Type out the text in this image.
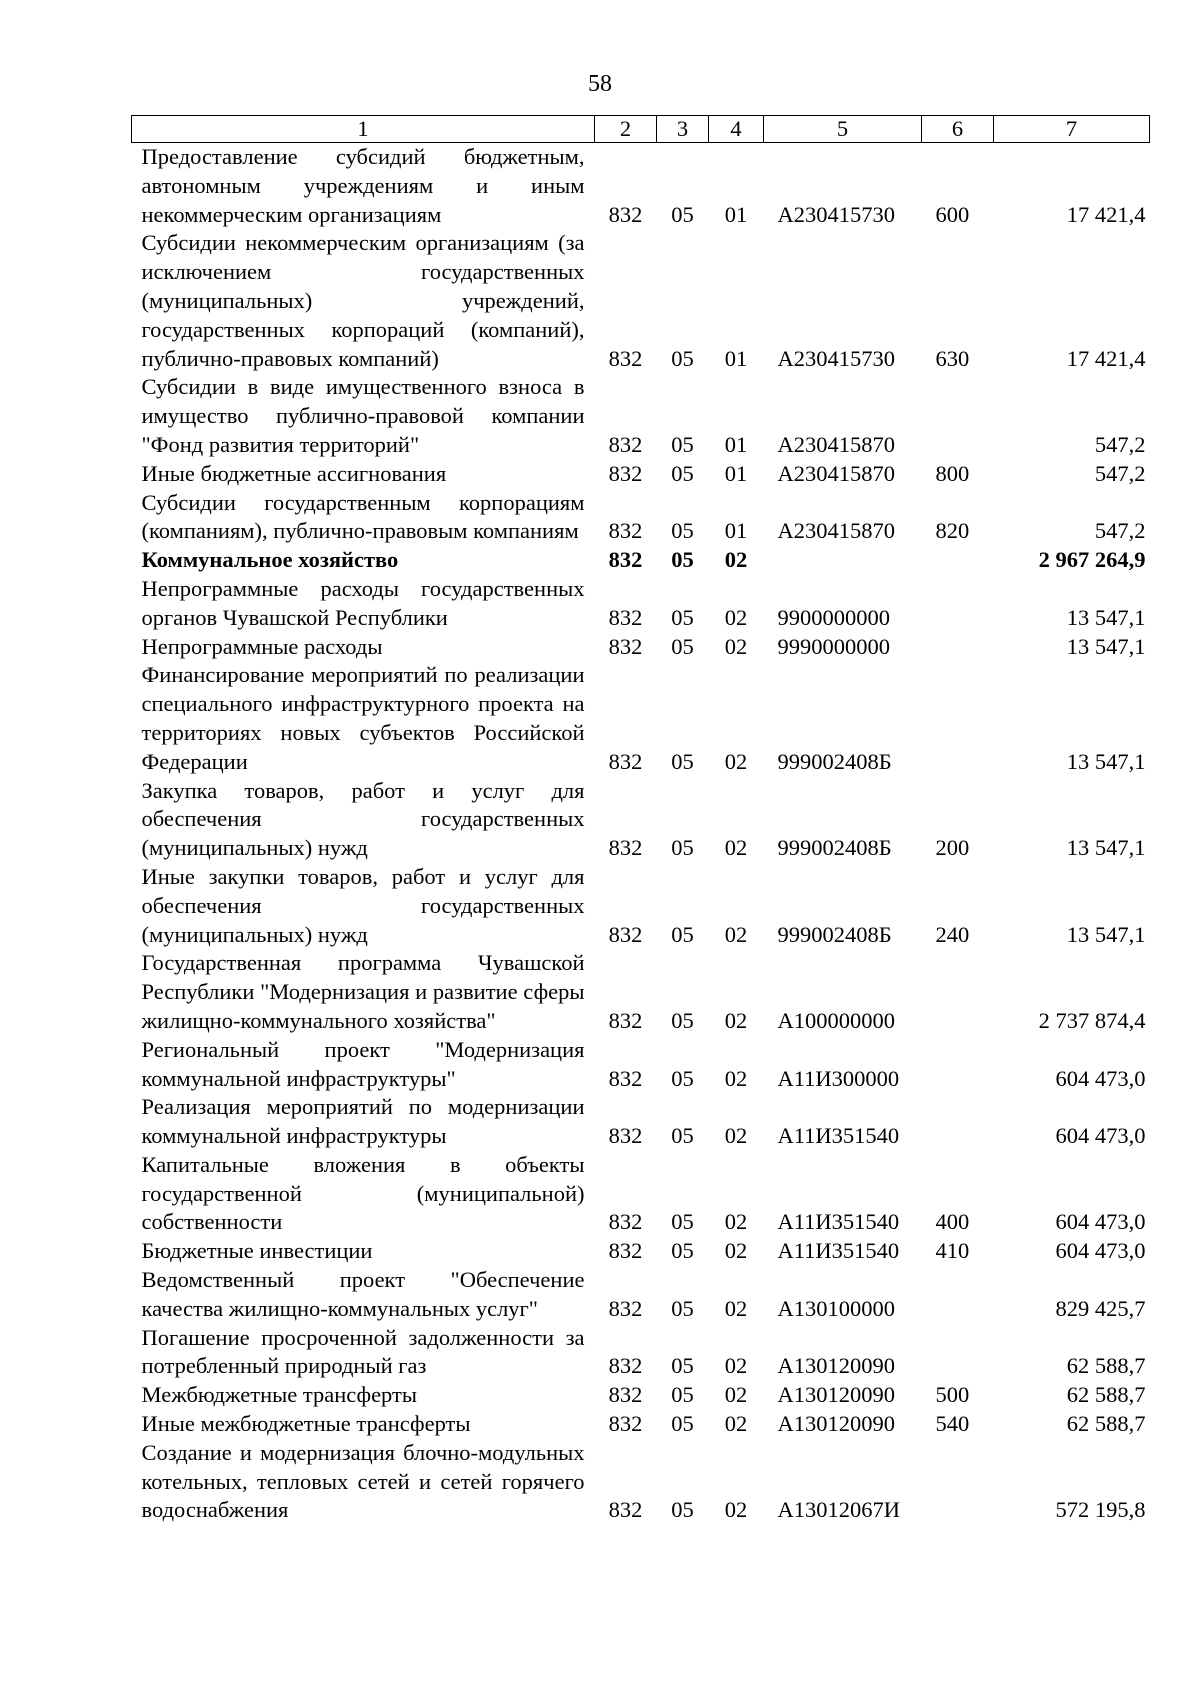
58
1	2	3	4	5	6	7
Предоставление субсидий бюджетным, автономным учреждениям и иным некоммерческим организациям	832	05	01	А230415730	600	17 421,4
Субсидии некоммерческим организациям (за исключением государственных (муниципальных) учреждений, государственных корпораций (компаний), публично-правовых компаний)	832	05	01	А230415730	630	17 421,4
Субсидии в виде имущественного взноса в имущество публично-правовой компании "Фонд развития территорий"	832	05	01	А230415870		547,2
Иные бюджетные ассигнования	832	05	01	А230415870	800	547,2
Субсидии государственным корпорациям (компаниям), публично-правовым компаниям	832	05	01	А230415870	820	547,2
Коммунальное хозяйство	832	05	02			2 967 264,9
Непрограммные расходы государственных органов Чувашской Республики	832	05	02	9900000000		13 547,1
Непрограммные расходы	832	05	02	9990000000		13 547,1
Финансирование мероприятий по реализации специального инфраструктурного проекта на территориях новых субъектов Российской Федерации	832	05	02	999002408Б		13 547,1
Закупка товаров, работ и услуг для обеспечения государственных (муниципальных) нужд	832	05	02	999002408Б	200	13 547,1
Иные закупки товаров, работ и услуг для обеспечения государственных (муниципальных) нужд	832	05	02	999002408Б	240	13 547,1
Государственная программа Чувашской Республики "Модернизация и развитие сферы жилищно-коммунального хозяйства"	832	05	02	А100000000		2 737 874,4
Региональный проект "Модернизация коммунальной инфраструктуры"	832	05	02	А11И300000		604 473,0
Реализация мероприятий по модернизации коммунальной инфраструктуры	832	05	02	А11И351540		604 473,0
Капитальные вложения в объекты государственной (муниципальной) собственности	832	05	02	А11И351540	400	604 473,0
Бюджетные инвестиции	832	05	02	А11И351540	410	604 473,0
Ведомственный проект "Обеспечение качества жилищно-коммунальных услуг"	832	05	02	А130100000		829 425,7
Погашение просроченной задолженности за потребленный природный газ	832	05	02	А130120090		62 588,7
Межбюджетные трансферты	832	05	02	А130120090	500	62 588,7
Иные межбюджетные трансферты	832	05	02	А130120090	540	62 588,7
Создание и модернизация блочно-модульных котельных, тепловых сетей и сетей горячего водоснабжения	832	05	02	А13012067И		572 195,8
